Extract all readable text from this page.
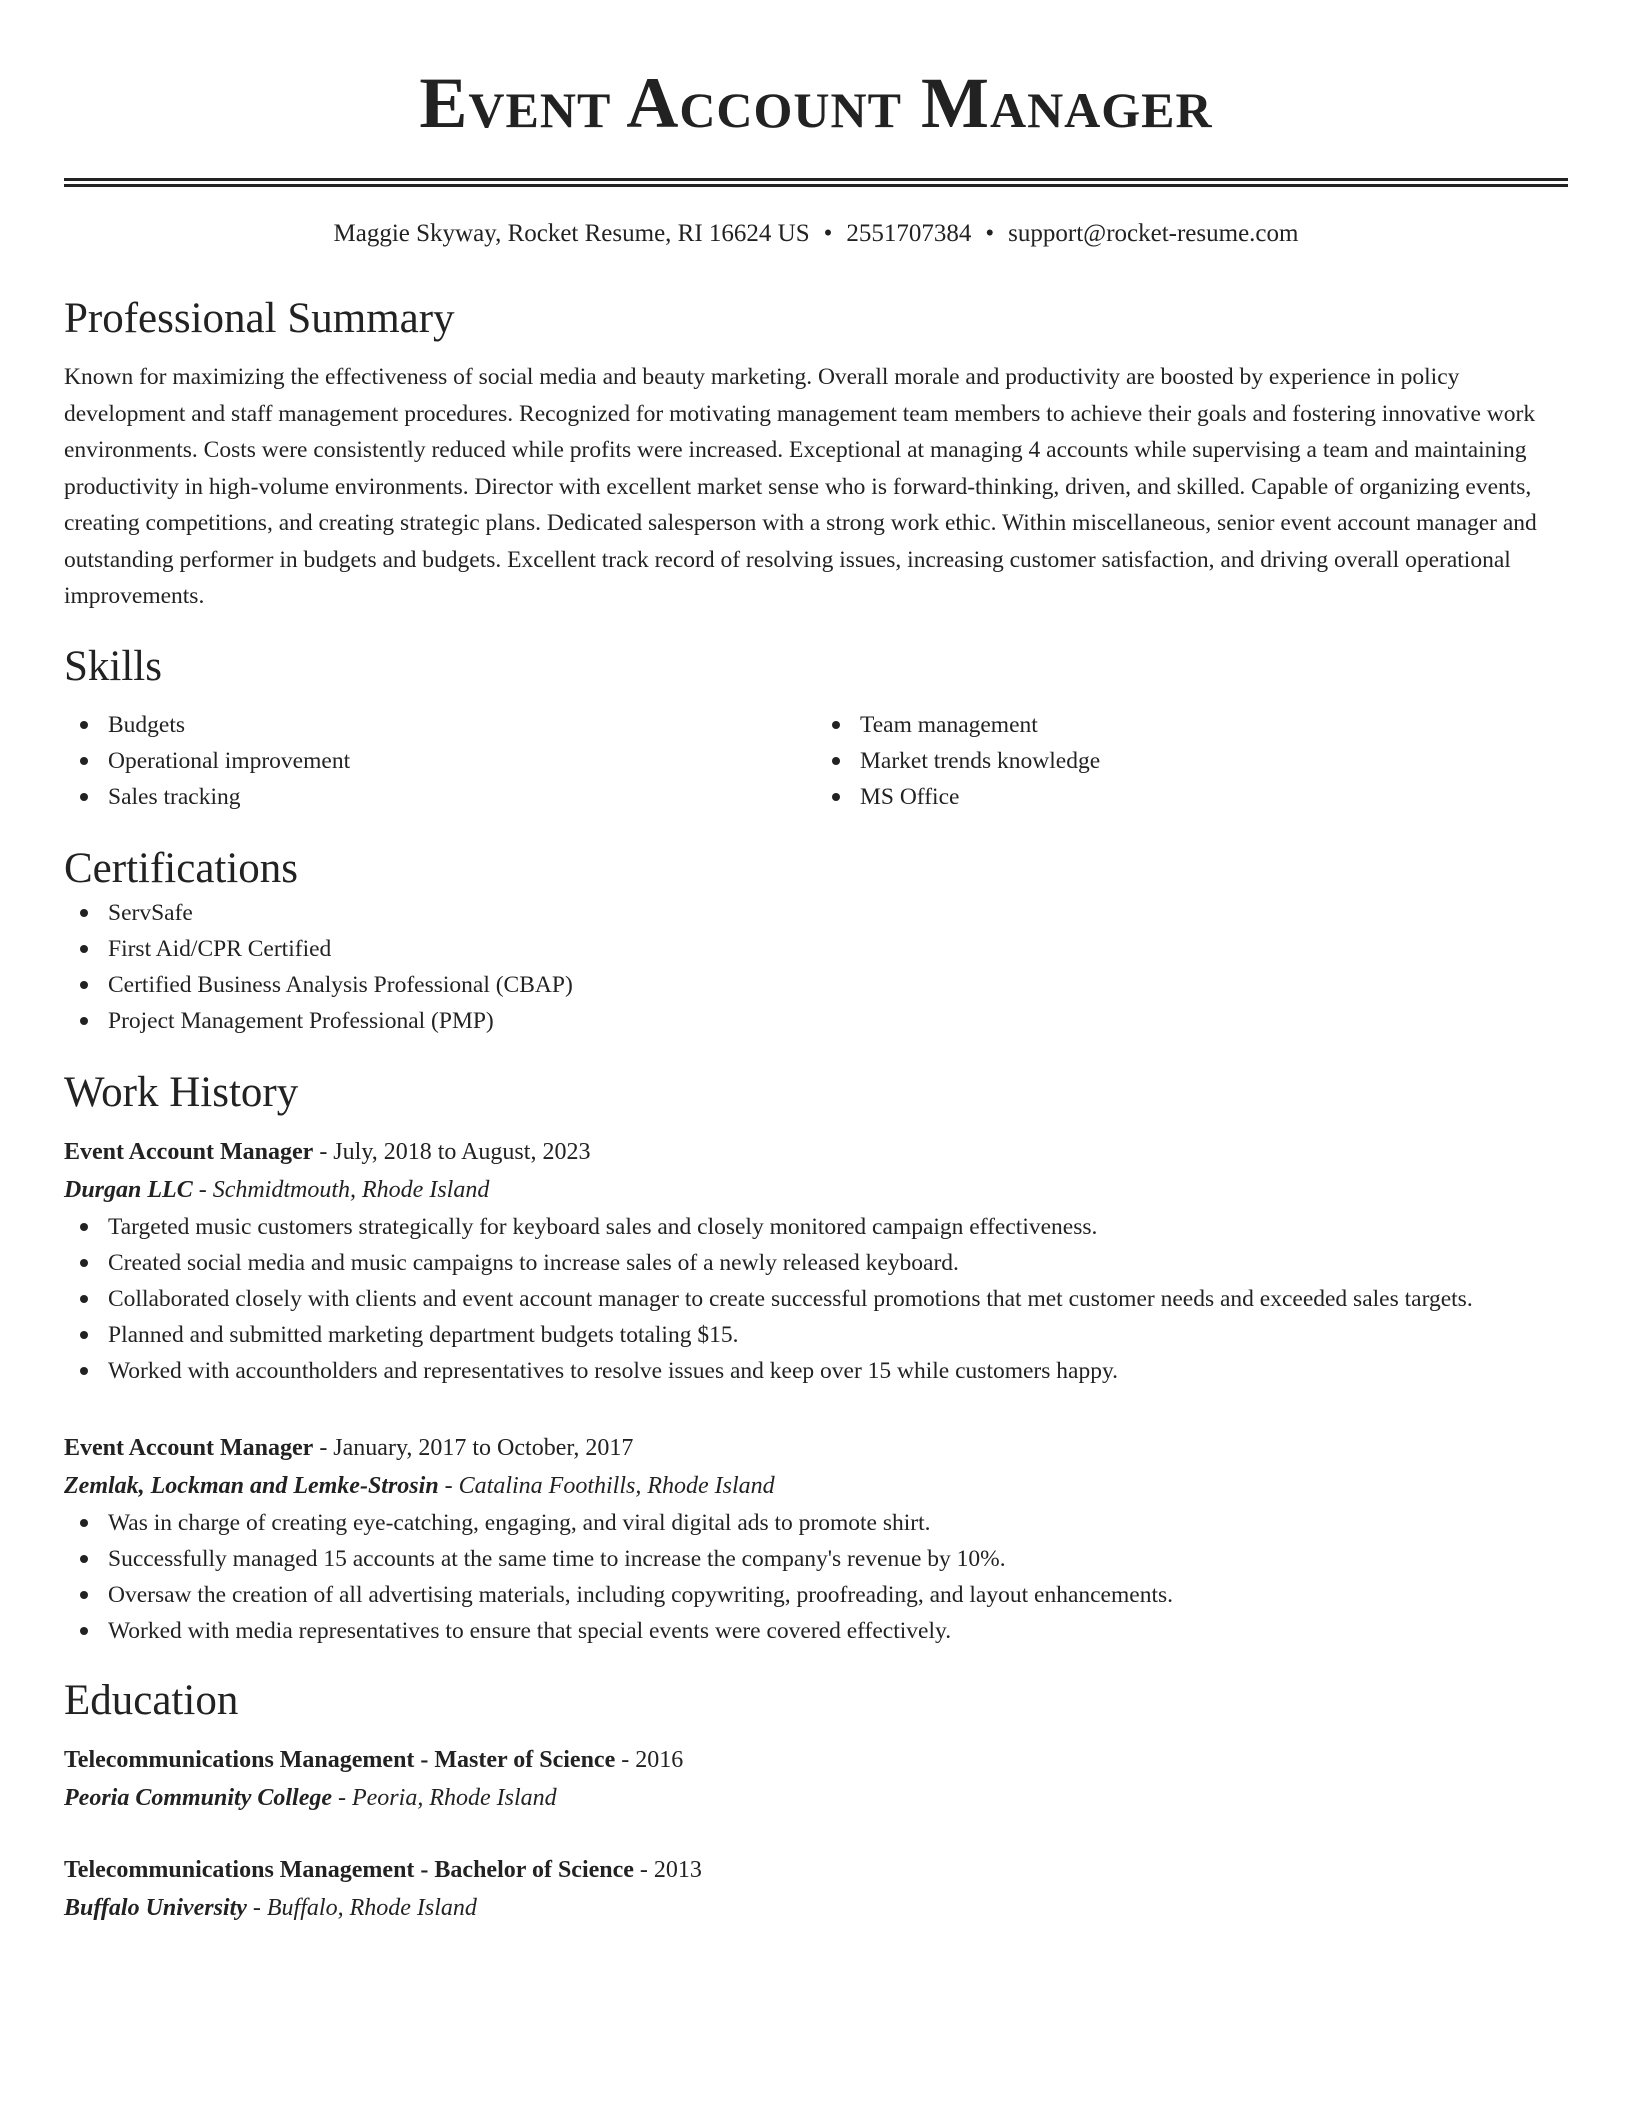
Event Account Manager
Maggie Skyway, Rocket Resume, RI 16624 US • 2551707384 • support@rocket-resume.com
Professional Summary

Known for maximizing the effectiveness of social media and beauty marketing. Overall morale and productivity are boosted by experience in policy development and staff management procedures. Recognized for motivating management team members to achieve their goals and fostering innovative work environments. Costs were consistently reduced while profits were increased. Exceptional at managing 4 accounts while supervising a team and maintaining productivity in high-volume environments. Director with excellent market sense who is forward-thinking, driven, and skilled. Capable of organizing events, creating competitions, and creating strategic plans. Dedicated salesperson with a strong work ethic. Within miscellaneous, senior event account manager and outstanding performer in budgets and budgets. Excellent track record of resolving issues, increasing customer satisfaction, and driving overall operational improvements.

Skills
Budgets
Operational improvement
Sales tracking
Team management
Market trends knowledge
MS Office
Certifications
ServSafe
First Aid/CPR Certified
Certified Business Analysis Professional (CBAP)
Project Management Professional (PMP)
Work History
Event Account Manager - July, 2018 to August, 2023
Durgan LLC - Schmidtmouth, Rhode Island
Targeted music customers strategically for keyboard sales and closely monitored campaign effectiveness.
Created social media and music campaigns to increase sales of a newly released keyboard.
Collaborated closely with clients and event account manager to create successful promotions that met customer needs and exceeded sales targets.
Planned and submitted marketing department budgets totaling $15.
Worked with accountholders and representatives to resolve issues and keep over 15 while customers happy.
Event Account Manager - January, 2017 to October, 2017
Zemlak, Lockman and Lemke-Strosin - Catalina Foothills, Rhode Island
Was in charge of creating eye-catching, engaging, and viral digital ads to promote shirt.
Successfully managed 15 accounts at the same time to increase the company's revenue by 10%.
Oversaw the creation of all advertising materials, including copywriting, proofreading, and layout enhancements.
Worked with media representatives to ensure that special events were covered effectively.
Education
Telecommunications Management - Master of Science - 2016
Peoria Community College - Peoria, Rhode Island
Telecommunications Management - Bachelor of Science - 2013
Buffalo University - Buffalo, Rhode Island
